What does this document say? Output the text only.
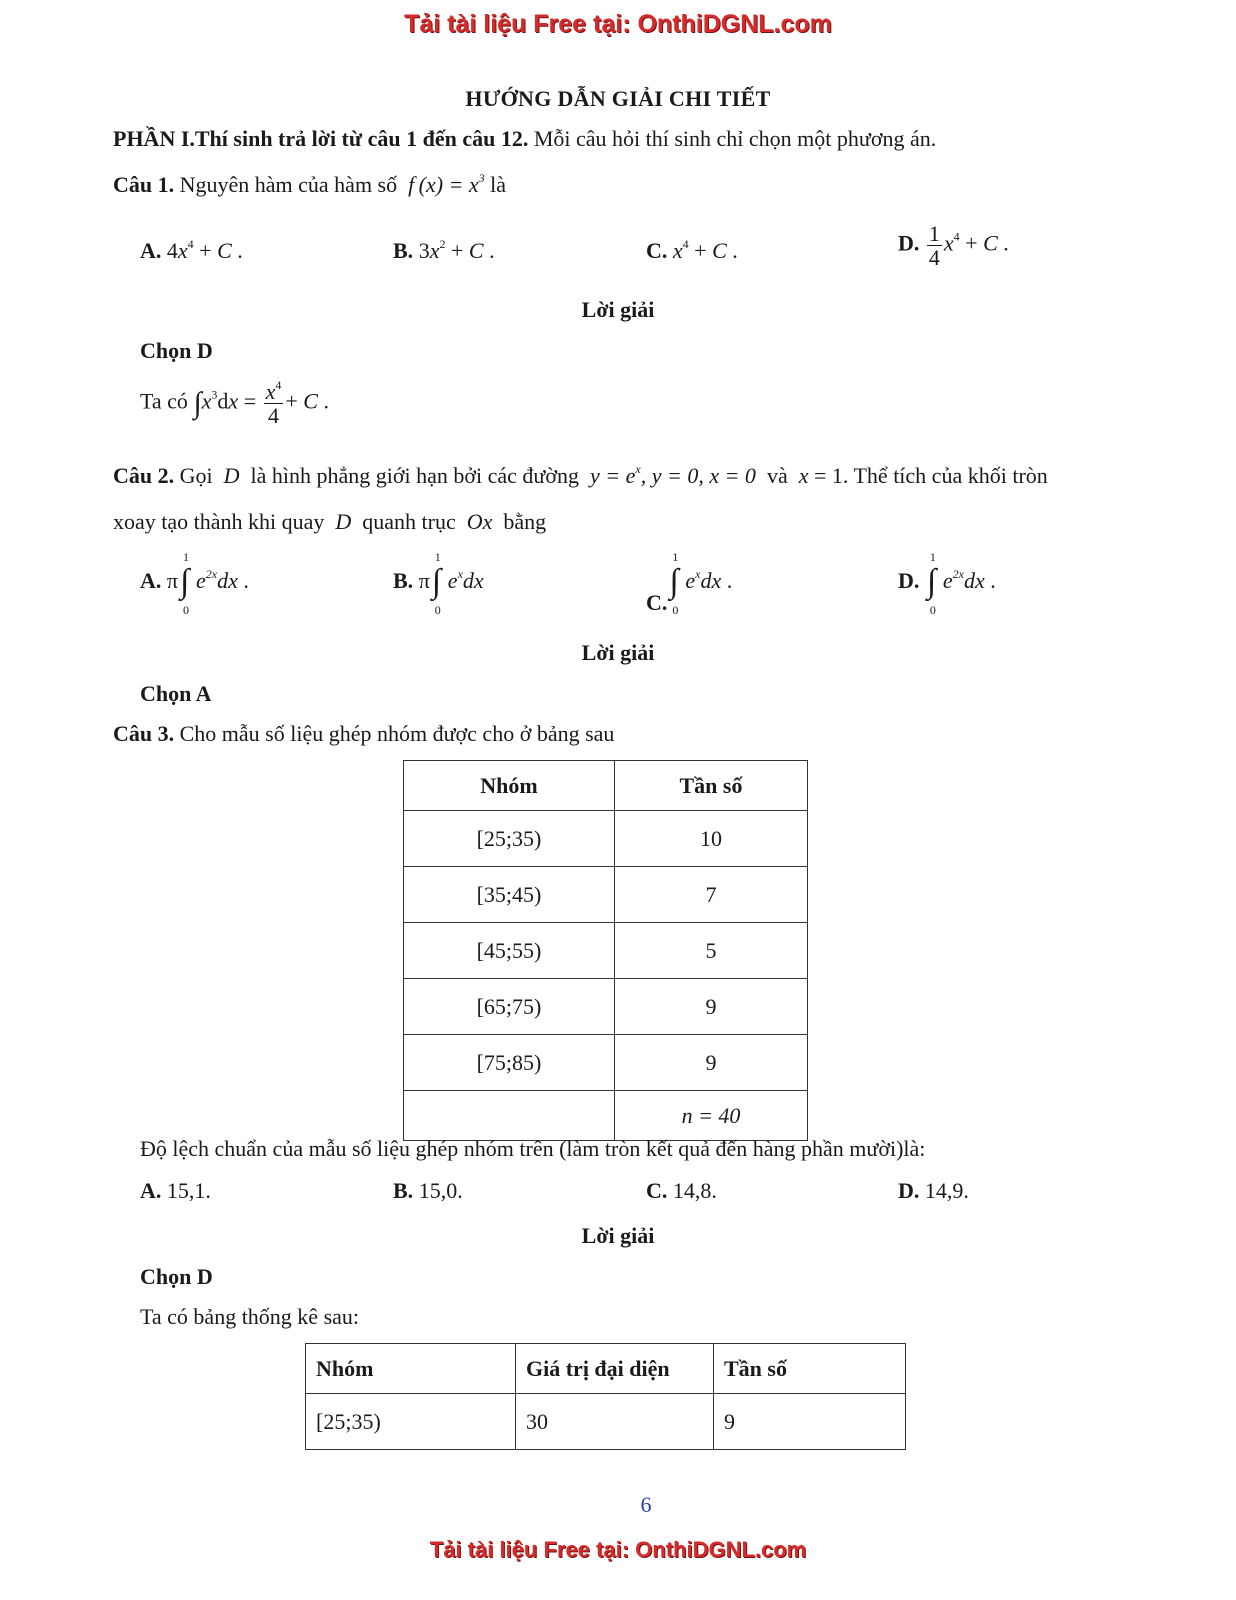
Tải tài liệu Free tại: OnthiDGNL.com
HƯỚNG DẪN GIẢI CHI TIẾT
PHẦN I.Thí sinh trả lời từ câu 1 đến câu 12. Mỗi câu hỏi thí sinh chỉ chọn một phương án.
Câu 1. Nguyên hàm của hàm số  f $(x) = x^3$ là
A. $4x^4 + C$ .	B. $3x^2 + C$ .	C. $x^4 + C$ .	D. $\frac{1}{4} x^4 + C$ .
Lời giải
Chọn D
Ta có $\int x^3dx = \frac{x^4}{4} + C$ .
Câu 2. Gọi  D  là hình phẳng giới hạn bởi các đường  $y = e^x$, y = 0, x = 0  và  x = 1. Thể tích của khối tròn
xoay tạo thành khi quay  D  quanh trục  Ox  bằng
A. π
1
∫
0
$e^{2x}dx$ .	B. π
1
∫
0
$e^xdx$
C.
1
∫
0
$e^xdx$ .	D.
1
∫
0
$e^{2x}dx$ .
Lời giải
Chọn A
Câu 3. Cho mẫu số liệu ghép nhóm được cho ở bảng sau
Nhóm	Tần số
[25;35)	10
[35;45)	7
[45;55)	5
[65;75)	9
[75;85)	9
	n = 40
Độ lệch chuẩn của mẫu số liệu ghép nhóm trên (làm tròn kết quả đến hàng phần mười)là:
A. 15,1.	B. 15,0.	C. 14,8.	D. 14,9.
Lời giải
Chọn D
Ta có bảng thống kê sau:
Nhóm	Giá trị đại diện	Tần số
[25;35)	30	9
6
Tải tài liệu Free tại: OnthiDGNL.com
